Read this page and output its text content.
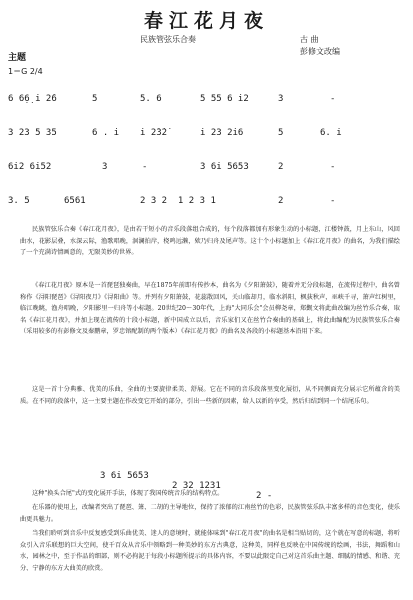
春江花月夜
民族管弦乐合奏	古 曲
彭修文改编
主题
1＝G 2/4

6 6̣6̣ i 2̇6

	5

	5. 6

	5 55 6 i2

	3

	-

3 23 5 35

	6 . i

i 2̇3̇2̇

	i 23 2i6

	5

	6. i

6i2 6i52

	3

	-

	3 6i 5653

	2

	-

3. 5

	6561

	2 3 2  1 2 3 1

	2

	-

民族管弦乐合奏《春江花月夜》，是由若干短小的音乐段落组合成的，每个段落都加有形象生动的小标题，江楼钟鼓，月上东山，风回曲水，花影层叠，水深云际，渔歌唱晚，洄澜拍岸，桡鸣远濑，欸乃归舟及尾声等。这十个小标题加上《春江花月夜》的曲名，为我们描绘了一个充满诗情画意的，无限美妙的世界。
《春江花月夜》原本是一首琵琶独奏曲，早在1875年前即有传抄本，曲名为《夕阳箫鼓》，随着并无分段标题，在流传过程中，曲名曾称作《浔阳琵琶》《浔阳夜月》《浔阳曲》等。并列有夕阳箫鼓，花蕊散回风，关山临却月，临水斜阳，枫荻秋声，巫峡千寻，箫声红树里，临江晚眺，渔舟唱晚，夕阳影里一归舟等小标题。20世纪20～30年代，上海"大同乐会"会员柳尧章，郑觐文将此曲改编为丝竹乐合奏，取名《春江花月夜》，并加上现在流传的十段小标题，新中国成立以后，音乐家们又在丝竹合奏曲的基础上，将此曲编配为民族管弦乐合奏（采用较多的有彭修文及秦鹏章，罗忠镕配制的两个版本）《春江花月夜》的曲名及各段的小标题基本沿用下来。
这是一首十分典雅、优美的乐曲，全曲的主要旋律柔美、舒展。它在不同的音乐段落里变化展衍，从不同侧面充分展示它所蕴含的美质。在不同的段落中，这一主要主题在作改变它开始的部分，引出一些新的因素，给人以新的享受，然后归结到同一个结尾乐句。

3 6i 5653

2 32 1231

2 -

这种"换头合尾"式的变化展开手法，体现了我国传统音乐的结构特点。
在乐器的使用上，改编者突出了琵琶、箫、二胡的主导地位，保持了浓郁的江南丝竹的色彩，民族管弦乐队丰富多样的音色变化，使乐曲更具魅力。
当我们聆听到音乐中反复感受到乐曲优美、迷人的意境时，就能体味到"春江花月夜"的曲名是相当贴切的，这个就在写意的标题，将听众引入音乐联想的巨大空间，使千百众从音乐中领略到一种美妙的东方古典意，这种美，同样也反映在中国传统的绘画，书法，舞蹈和山水，园林之中，至于作品的细部，则不必拘泥于每段小标题所提示的具体内容，不要以此限定自己对这首乐曲主题、细腻的情感、和谐、充分、宁静的东方大曲美的欣赏。
